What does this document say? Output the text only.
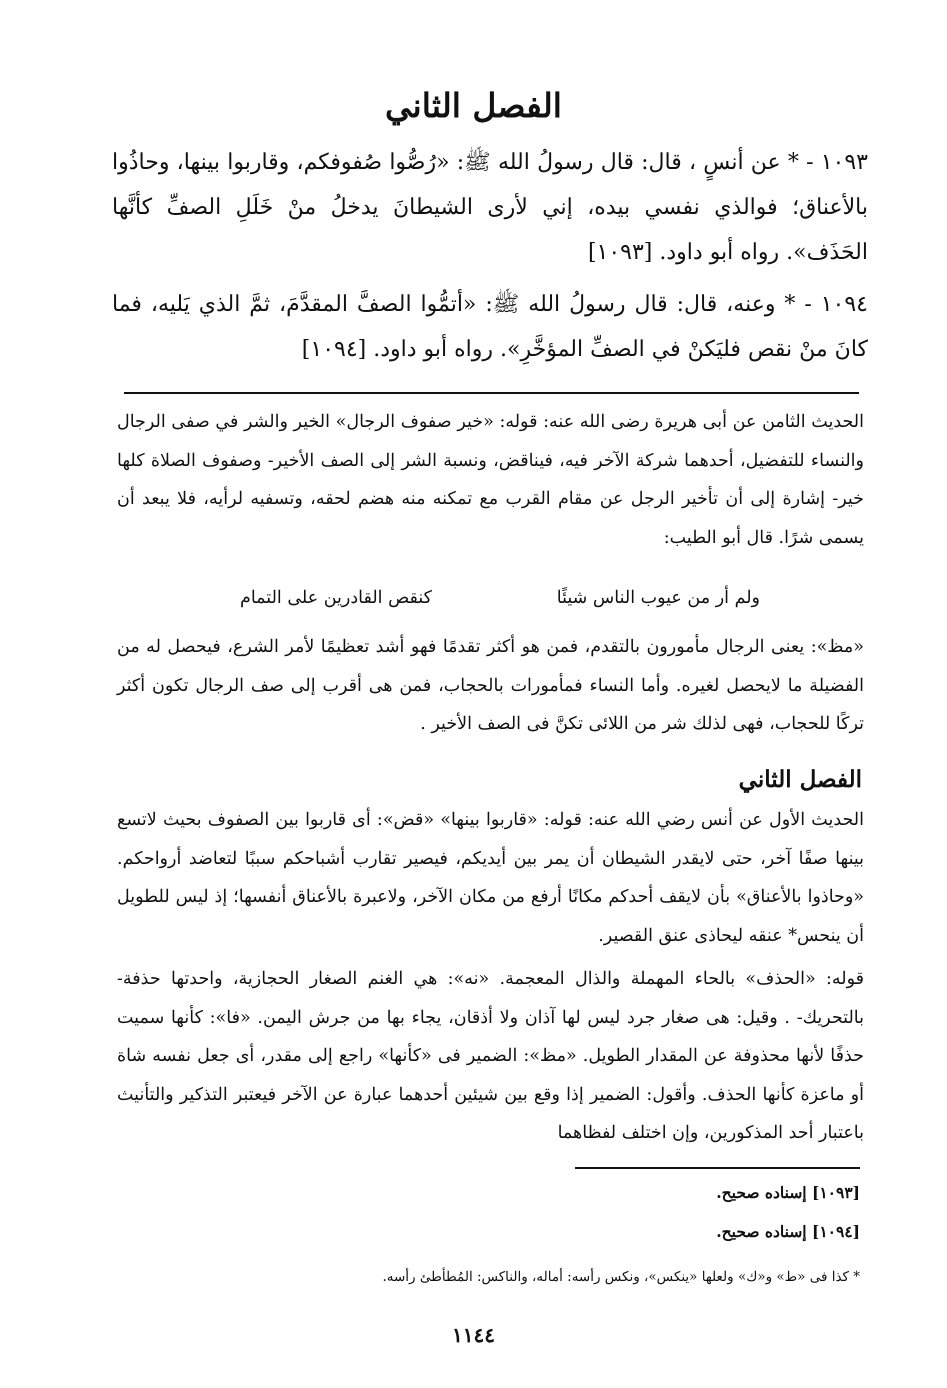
الفصل الثاني

١٠٩٣ - * عن أنسٍ ، قال: قال رسولُ الله ﷺ: «رُصُّوا صُفوفكم، وقاربوا بينها، وحاذُوا بالأعناق؛ فوالذي نفسي بيده، إني لأرى الشيطانَ يدخلُ منْ خَلَلِ الصفِّ كأنَّها الحَذَف». رواه أبو داود. [١٠٩٣]

١٠٩٤ - * وعنه، قال: قال رسولُ الله ﷺ: «أتمُّوا الصفَّ المقدَّمَ، ثمَّ الذي يَليه، فما كانَ منْ نقص فليَكنْ في الصفِّ المؤخَّرِ». رواه أبو داود. [١٠٩٤]

الحديث الثامن عن أبى هريرة رضى الله عنه: قوله: «خير صفوف الرجال» الخير والشر في صفى الرجال والنساء للتفضيل، أحدهما شركة الآخر فيه، فيناقض، ونسبة الشر إلى الصف الأخير- وصفوف الصلاة كلها خير- إشارة إلى أن تأخير الرجل عن مقام القرب مع تمكنه منه هضم لحقه، وتسفيه لرأيه، فلا يبعد أن يسمى شرًا. قال أبو الطيب:

ولم أر من عيوب الناس شيئًا
كنقص القادرين على التمام

«مظ»: يعنى الرجال مأمورون بالتقدم، فمن هو أكثر تقدمًا فهو أشد تعظيمًا لأمر الشرع، فيحصل له من الفضيلة ما لايحصل لغيره. وأما النساء فمأمورات بالحجاب، فمن هى أقرب إلى صف الرجال تكون أكثر تركًا للحجاب، فهى لذلك شر من اللائى تكنَّ فى الصف الأخير .

الفصل الثاني

الحديث الأول عن أنس رضي الله عنه: قوله: «قاربوا بينها» «قض»: أى قاربوا بين الصفوف بحيث لاتسع بينها صفًا آخر، حتى لايقدر الشيطان أن يمر بين أيديكم، فيصير تقارب أشباحكم سببًا لتعاضد أرواحكم. «وحاذوا بالأعناق» بأن لايقف أحدكم مكانًا أرفع من مكان الآخر، ولاعبرة بالأعناق أنفسها؛ إذ ليس للطويل أن ينحس* عنقه ليحاذى عنق القصير.

قوله: «الحذف» بالحاء المهملة والذال المعجمة. «نه»: هي الغنم الصغار الحجازية، واحدتها حذفة- بالتحريك- . وقيل: هى صغار جرد ليس لها آذان ولا أذقان، يجاء بها من جرش اليمن. «فا»: كأنها سميت حذفًا لأنها محذوفة عن المقدار الطويل. «مظ»: الضمير فى «كأنها» راجع إلى مقدر، أى جعل نفسه شاة أو ماعزة كأنها الحذف. وأقول: الضمير إذا وقع بين شيئين أحدهما عبارة عن الآخر فيعتبر التذكير والتأنيث باعتبار أحد المذكورين، وإن اختلف لفظاهما

[١٠٩٣] إسناده صحيح.
[١٠٩٤] إسناده صحيح.
* كذا فى «ط» و«ك» ولعلها «ينكس»، ونكس رأسه: أماله، والناكس: المُطأطئ رأسه.
١١٤٤
